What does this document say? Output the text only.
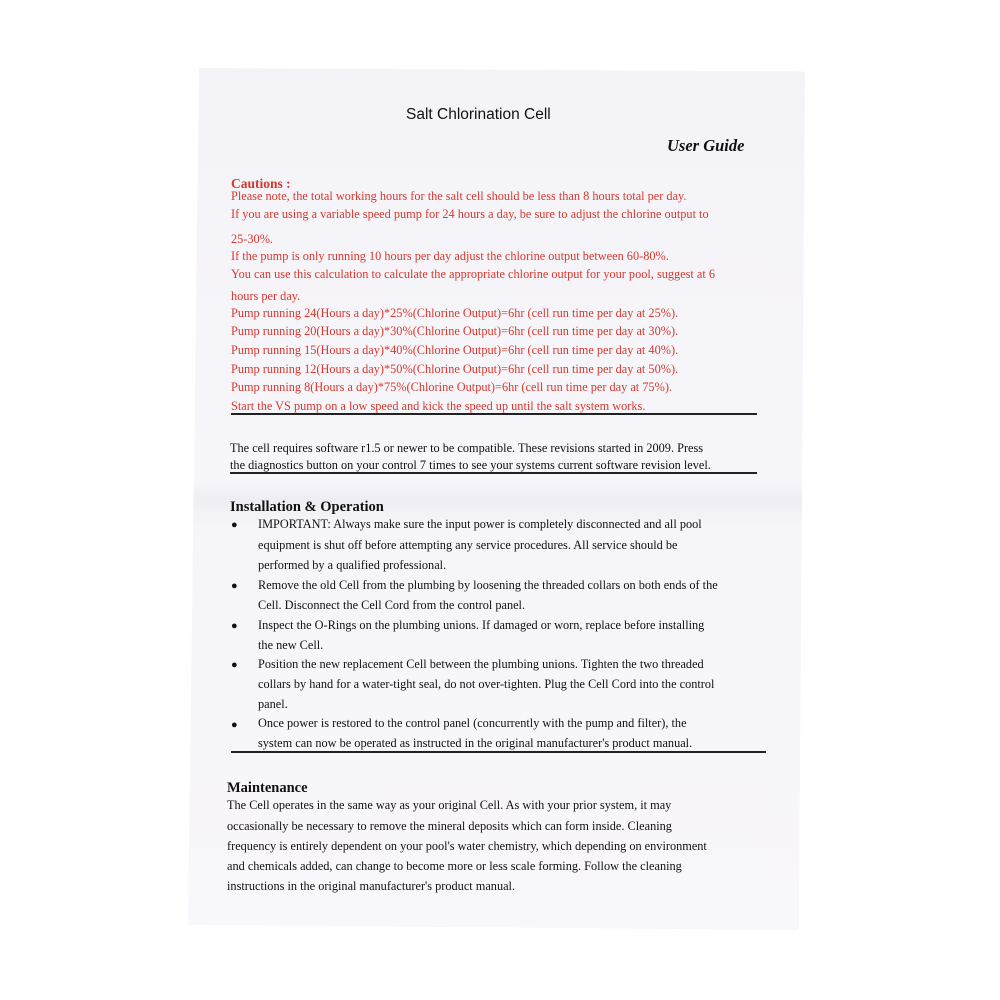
Salt Chlorination Cell
User Guide
Cautions :
Please note, the total working hours for the salt cell should be less than 8 hours total per day.
If you are using a variable speed pump for 24 hours a day, be sure to adjust the chlorine output to
25-30%.
If the pump is only running 10 hours per day adjust the chlorine output between 60-80%.
You can use this calculation to calculate the appropriate chlorine output for your pool, suggest at 6
hours per day.
Pump running 24(Hours a day)*25%(Chlorine Output)=6hr (cell run time per day at 25%).
Pump running 20(Hours a day)*30%(Chlorine Output)=6hr (cell run time per day at 30%).
Pump running 15(Hours a day)*40%(Chlorine Output)=6hr (cell run time per day at 40%).
Pump running 12(Hours a day)*50%(Chlorine Output)=6hr (cell run time per day at 50%).
Pump running 8(Hours a day)*75%(Chlorine Output)=6hr (cell run time per day at 75%).
Start the VS pump on a low speed and kick the speed up until the salt system works.
The cell requires software r1.5 or newer to be compatible. These revisions started in 2009. Press
the diagnostics button on your control 7 times to see your systems current software revision level.
Installation & Operation
● IMPORTANT: Always make sure the input power is completely disconnected and all pool
equipment is shut off before attempting any service procedures. All service should be
performed by a qualified professional.
● Remove the old Cell from the plumbing by loosening the threaded collars on both ends of the
Cell. Disconnect the Cell Cord from the control panel.
● Inspect the O-Rings on the plumbing unions. If damaged or worn, replace before installing
the new Cell.
● Position the new replacement Cell between the plumbing unions. Tighten the two threaded
collars by hand for a water-tight seal, do not over-tighten. Plug the Cell Cord into the control
panel.
● Once power is restored to the control panel (concurrently with the pump and filter), the
system can now be operated as instructed in the original manufacturer's product manual.
Maintenance
The Cell operates in the same way as your original Cell. As with your prior system, it may
occasionally be necessary to remove the mineral deposits which can form inside. Cleaning
frequency is entirely dependent on your pool's water chemistry, which depending on environment
and chemicals added, can change to become more or less scale forming. Follow the cleaning
instructions in the original manufacturer's product manual.
